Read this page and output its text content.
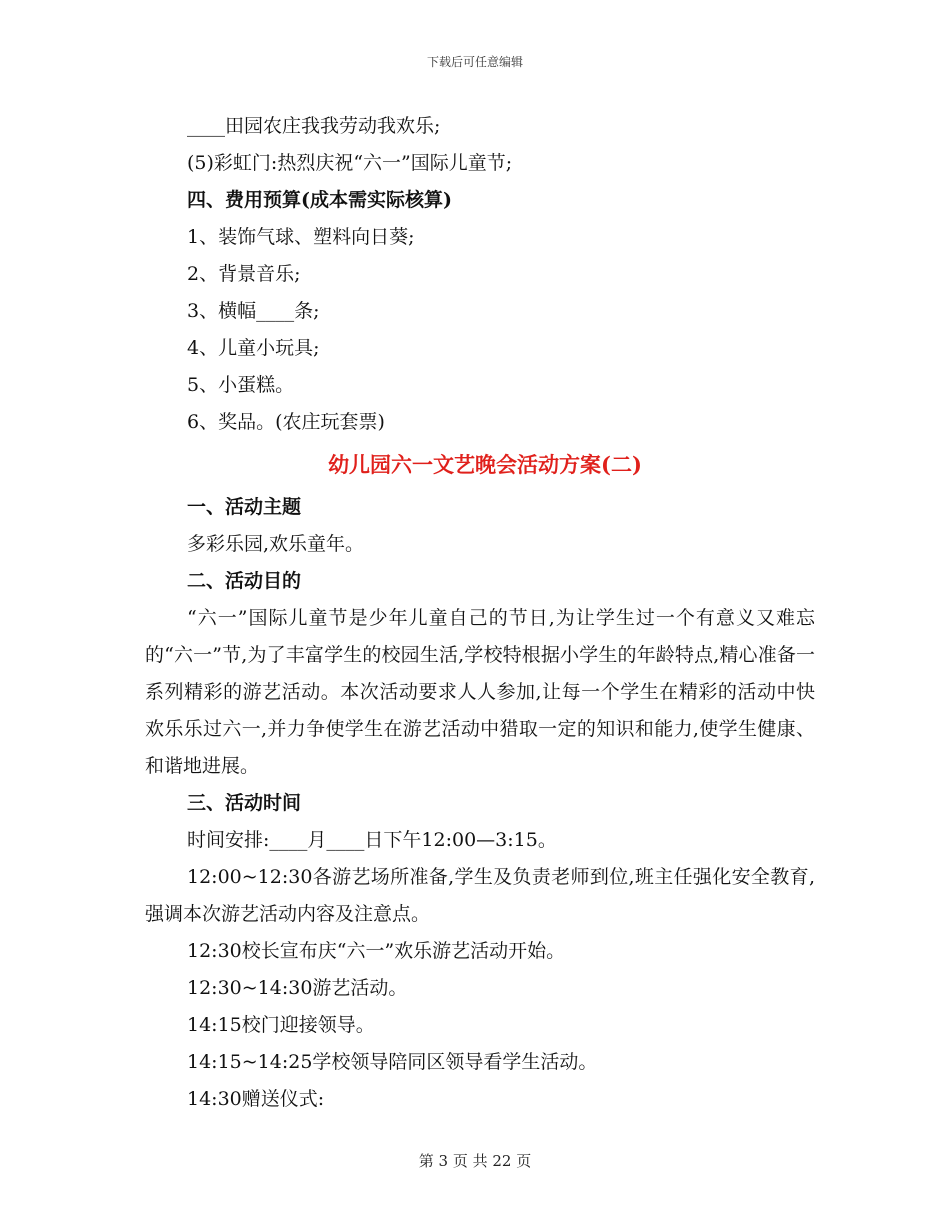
下载后可任意编辑
____田园农庄我我劳动我欢乐;
(5)彩虹门:热烈庆祝“六一”国际儿童节;
四、费用预算(成本需实际核算)
1、装饰气球、塑料向日葵;
2、背景音乐;
3、横幅____条;
4、儿童小玩具;
5、小蛋糕。
6、奖品。(农庄玩套票)
幼儿园六一文艺晚会活动方案(二)
一、活动主题
多彩乐园,欢乐童年。
二、活动目的
“六一”国际儿童节是少年儿童自己的节日,为让学生过一个有意义又难忘的“六一”节,为了丰富学生的校园生活,学校特根据小学生的年龄特点,精心准备一系列精彩的游艺活动。本次活动要求人人参加,让每一个学生在精彩的活动中快欢乐乐过六一,并力争使学生在游艺活动中猎取一定的知识和能力,使学生健康、和谐地进展。
三、活动时间
时间安排:____月____日下午12:00—3:15。
12:00~12:30各游艺场所准备,学生及负责老师到位,班主任强化安全教育,强调本次游艺活动内容及注意点。
12:30校长宣布庆“六一”欢乐游艺活动开始。
12:30~14:30游艺活动。
14:15校门迎接领导。
14:15~14:25学校领导陪同区领导看学生活动。
14:30赠送仪式:
第 3 页 共 22 页
